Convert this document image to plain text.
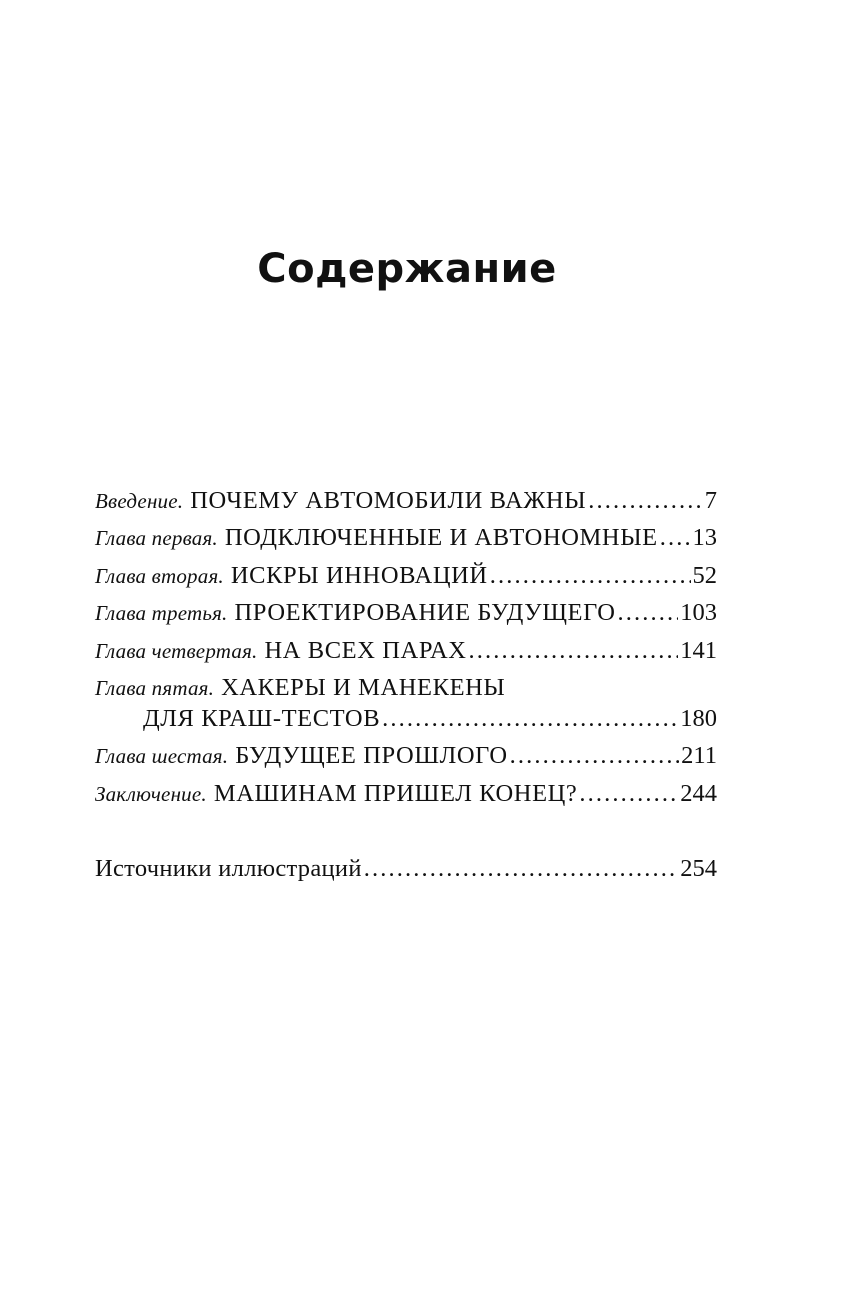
Содержание
Введение. ПОЧЕМУ АВТОМОБИЛИ ВАЖНЫ . . .	7
Глава первая. ПОДКЛЮЧЕННЫЕ И АВТОНОМНЫЕ . . . 13
Глава вторая. ИСКРЫ ИННОВАЦИЙ . . .	52
Глава третья. ПРОЕКТИРОВАНИЕ БУДУЩЕГО . . .	103
Глава четвертая. НА ВСЕХ ПАРАХ . . .	141
Глава пятая. ХАКЕРЫ И МАНЕКЕНЫ
ДЛЯ КРАШ-ТЕСТОВ . . .	180
Глава шестая. БУДУЩЕЕ ПРОШЛОГО . . .	211
Заключение. МАШИНАМ ПРИШЕЛ КОНЕЦ? . . .	244
Источники иллюстраций . . .	254
